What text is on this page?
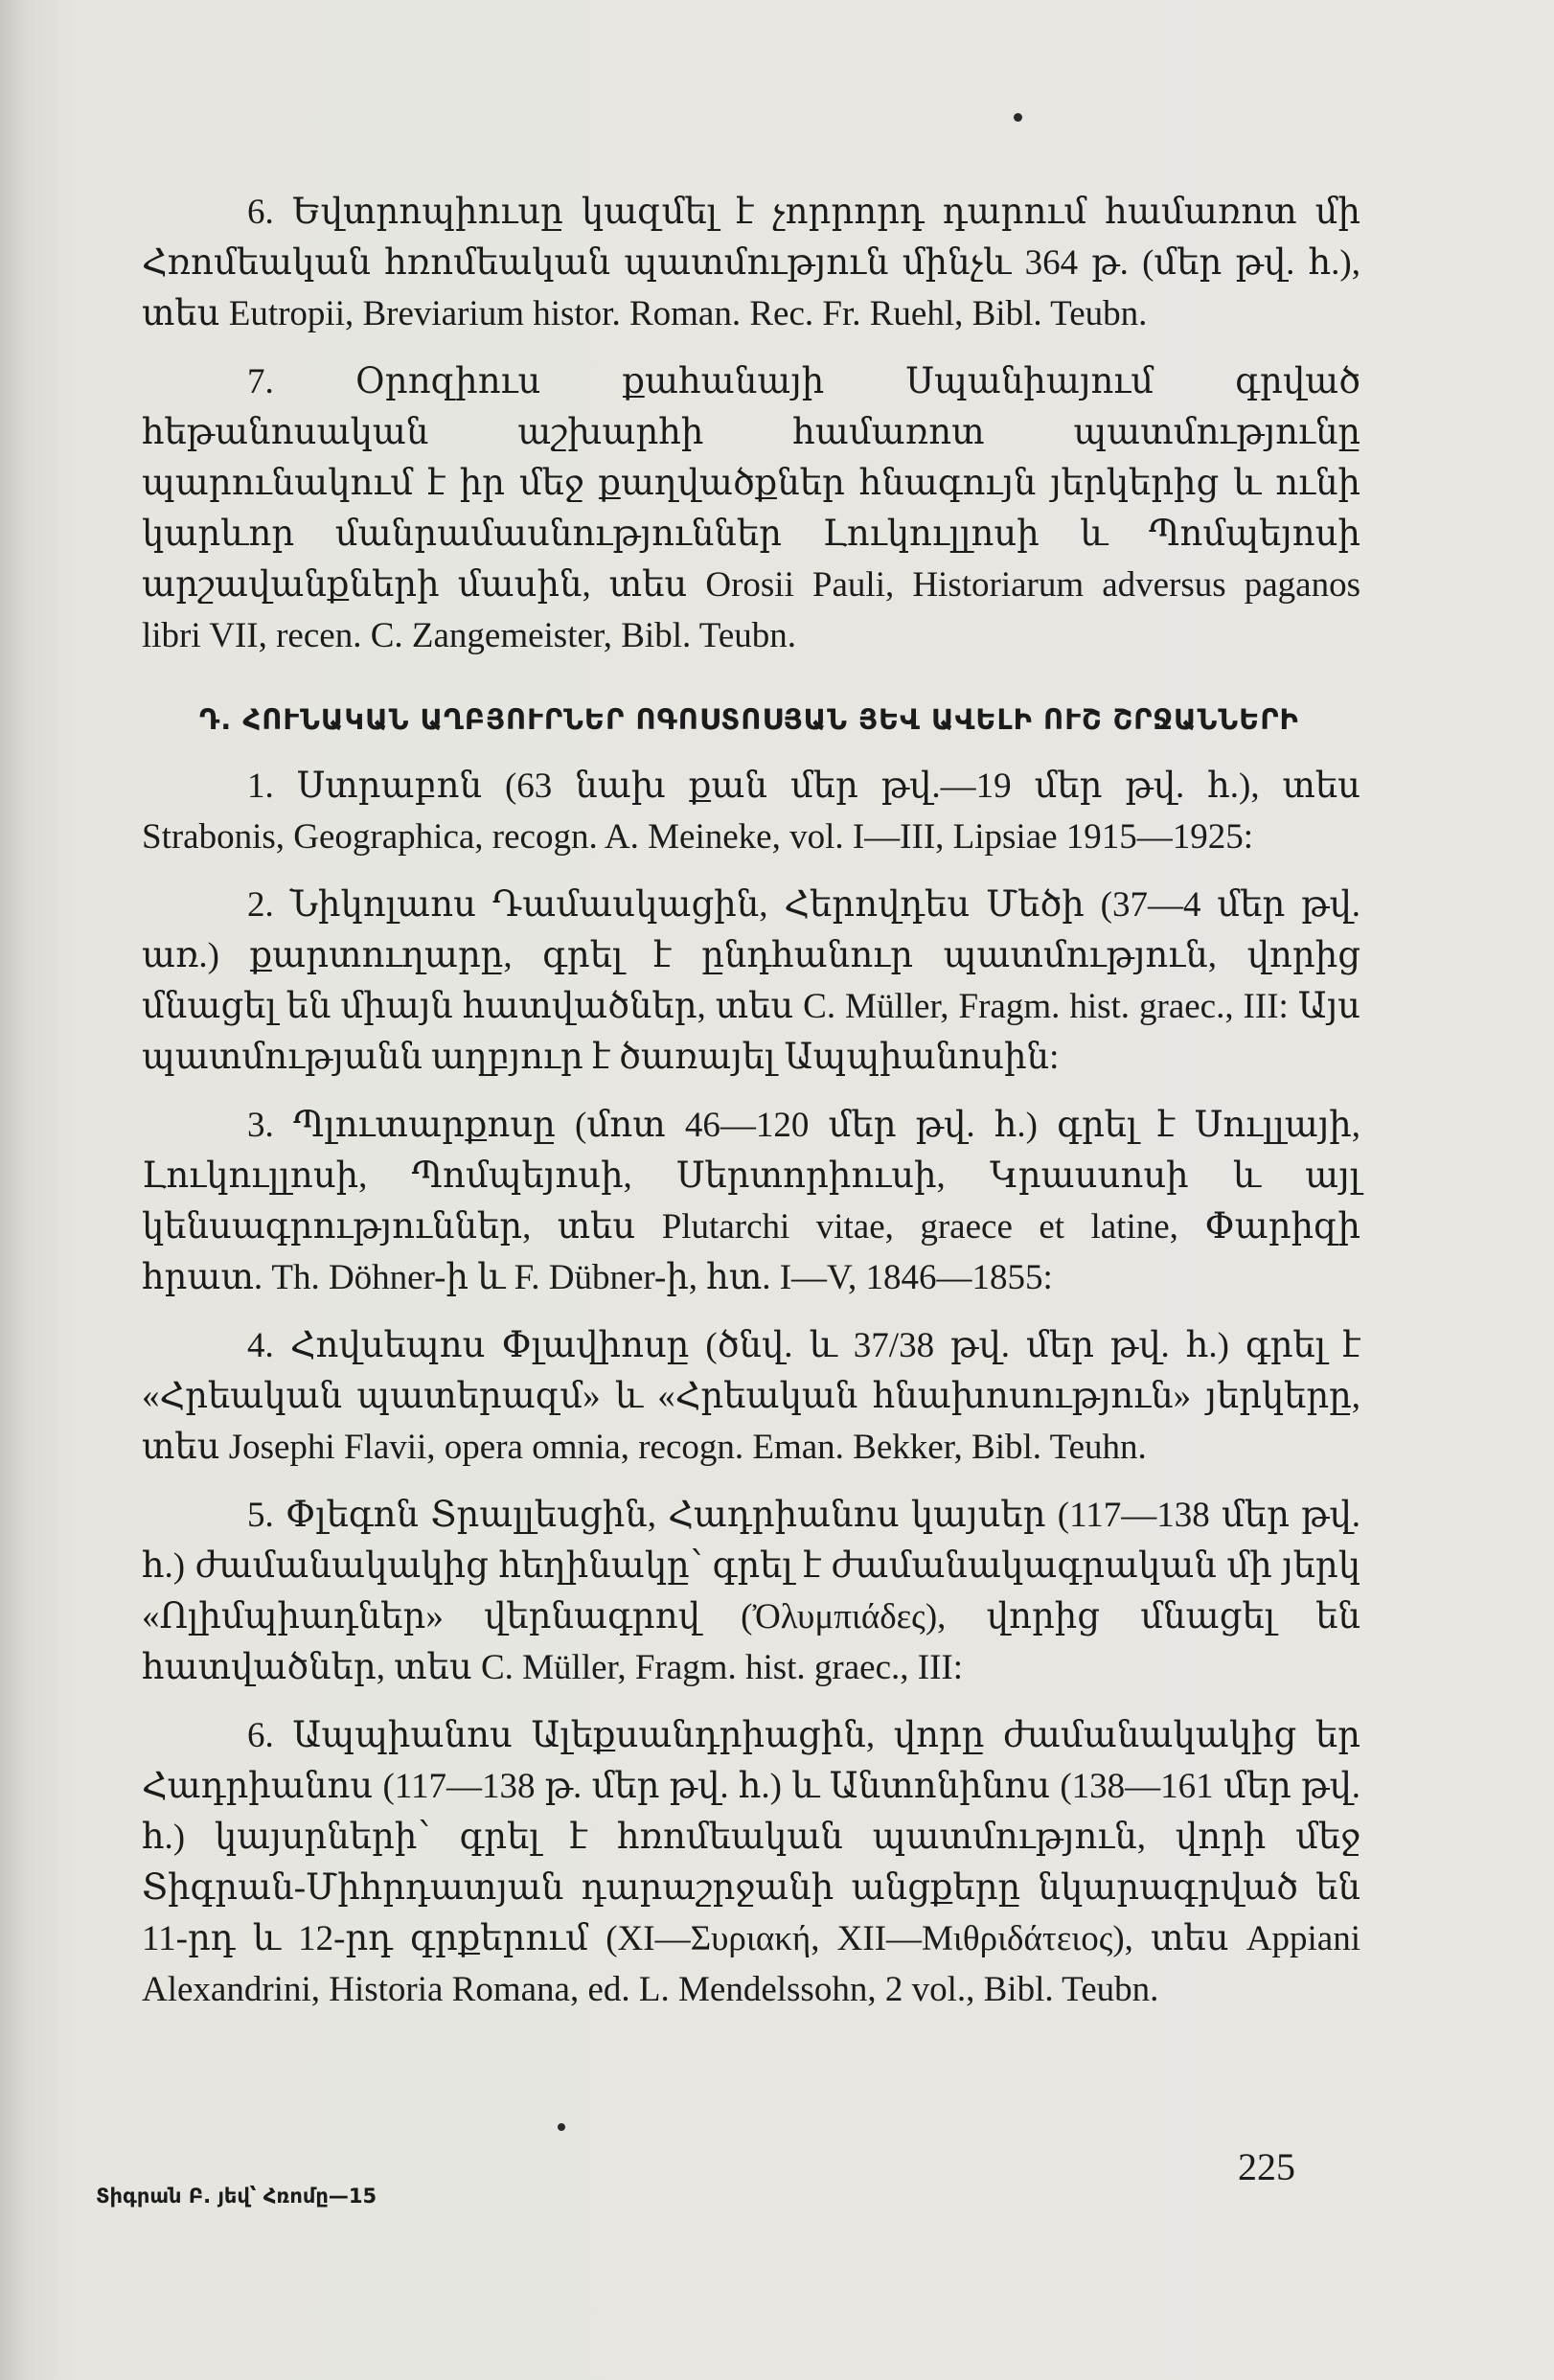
6. Եվտրոպիուսը կազմել է չորրորդ դարում համառոտ մի Հռոմեական հռոմեական պատմություն մինչև 364 թ. (մեր թվ. հ.), տես Eutropii, Breviarium histor. Roman. Rec. Fr. Ruehl, Bibl. Teubn.

7. Օրոզիուս քահանայի Սպանիայում գրված հեթանոսական աշխարհի համառոտ պատմությունը պարունակում է իր մեջ քաղվածքներ հնագույն յերկերից և ունի կարևոր մանրամասնություններ Լուկուլլոսի և Պոմպեյոսի արշավանքների մասին, տես Orosii Pauli, Historiarum adversus paganos libri VII, recen. C. Zangemeister, Bibl. Teubn.

Դ. ՀՈՒՆԱԿԱՆ ԱՂԲՅՈՒՐՆԵՐ ՈԳՈՍՏՈՍՅԱՆ ՅԵՎ ԱՎԵԼԻ ՈՒՇ ՇՐՋԱՆՆԵՐԻ

1. Ստրաբոն (63 նախ քան մեր թվ.—19 մեր թվ. հ.), տես Strabonis, Geographica, recogn. A. Meineke, vol. I—III, Lipsiae 1915—1925:

2. Նիկոլաոս Դամասկացին, Հերովդես Մեծի (37—4 մեր թվ. առ.) քարտուղարը, գրել է ընդհանուր պատմություն, վորից մնացել են միայն հատվածներ, տես C. Müller, Fragm. hist. graec., III: Այս պատմությանն աղբյուր է ծառայել Ապպիանոսին:

3. Պլուտարքոսը (մոտ 46—120 մեր թվ. հ.) գրել է Սուլլայի, Լուկուլլոսի, Պոմպեյոսի, Սերտորիուսի, Կրասսոսի և այլ կենսագրություններ, տես Plutarchi vitae, graece et latine, Փարիզի հրատ. Th. Döhner-ի և F. Dübner-ի, հտ. I—V, 1846—1855:

4. Հովսեպոս Փլավիոսը (ծնվ. և 37/38 թվ. մեր թվ. հ.) գրել է «Հրեական պատերազմ» և «Հրեական հնախոսություն» յերկերը, տես Josephi Flavii, opera omnia, recogn. Eman. Bekker, Bibl. Teuhn.

5. Փլեգոն Տրալլեսցին, Հադրիանոս կայսեր (117—138 մեր թվ. հ.) ժամանակակից հեղինակը՝ գրել է ժամանակագրական մի յերկ «Ոլիմպիադներ» վերնագրով (Ὀλυμπιάδες), վորից մնացել են հատվածներ, տես C. Müller, Fragm. hist. graec., III:

6. Ապպիանոս Ալեքսանդրիացին, վորը ժամանակակից եր Հադրիանոս (117—138 թ. մեր թվ. հ.) և Անտոնինոս (138—161 մեր թվ. հ.) կայսրների՝ գրել է հռոմեական պատմություն, վորի մեջ Տիգրան-Միհրդատյան դարաշրջանի անցքերը նկարագրված են 11-րդ և 12-րդ գրքերում (XI—Συριακή, XII—Μιθριδάτειος), տես Appiani Alexandrini, Historia Romana, ed. L. Mendelssohn, 2 vol., Bibl. Teubn.

Տիգրան Բ. յեվ՝ Հռոմը—15
225
